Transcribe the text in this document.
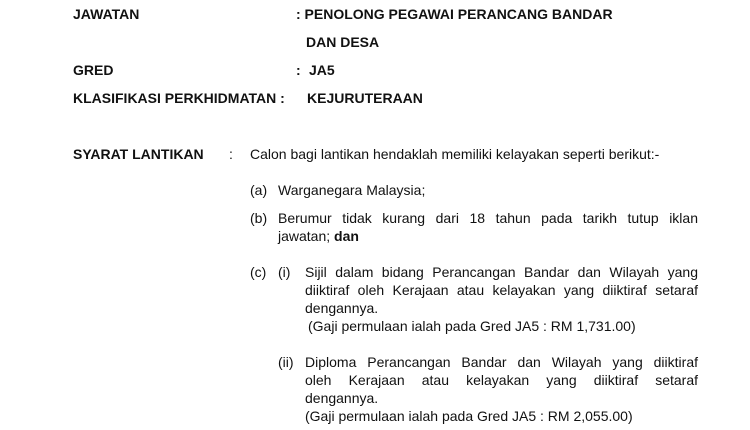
JAWATAN	: PENOLONG PEGAWAI PERANCANG BANDAR
DAN DESA
GRED	: JA5
KLASIFIKASI PERKHIDMATAN : KEJURUTERAAN
SYARAT LANTIKAN : Calon bagi lantikan hendaklah memiliki kelayakan seperti berikut:-
(a) Warganegara Malaysia;
(b) Berumur tidak kurang dari 18 tahun pada tarikh tutup iklan
jawatan; dan
(c) (i) Sijil dalam bidang Perancangan Bandar dan Wilayah yang
diiktiraf oleh Kerajaan atau kelayakan yang diiktiraf setaraf
dengannya.
(Gaji permulaan ialah pada Gred JA5 : RM 1,731.00)
(ii) Diploma Perancangan Bandar dan Wilayah yang diiktiraf
oleh Kerajaan atau kelayakan yang diiktiraf setaraf
dengannya.
(Gaji permulaan ialah pada Gred JA5 : RM 2,055.00)
